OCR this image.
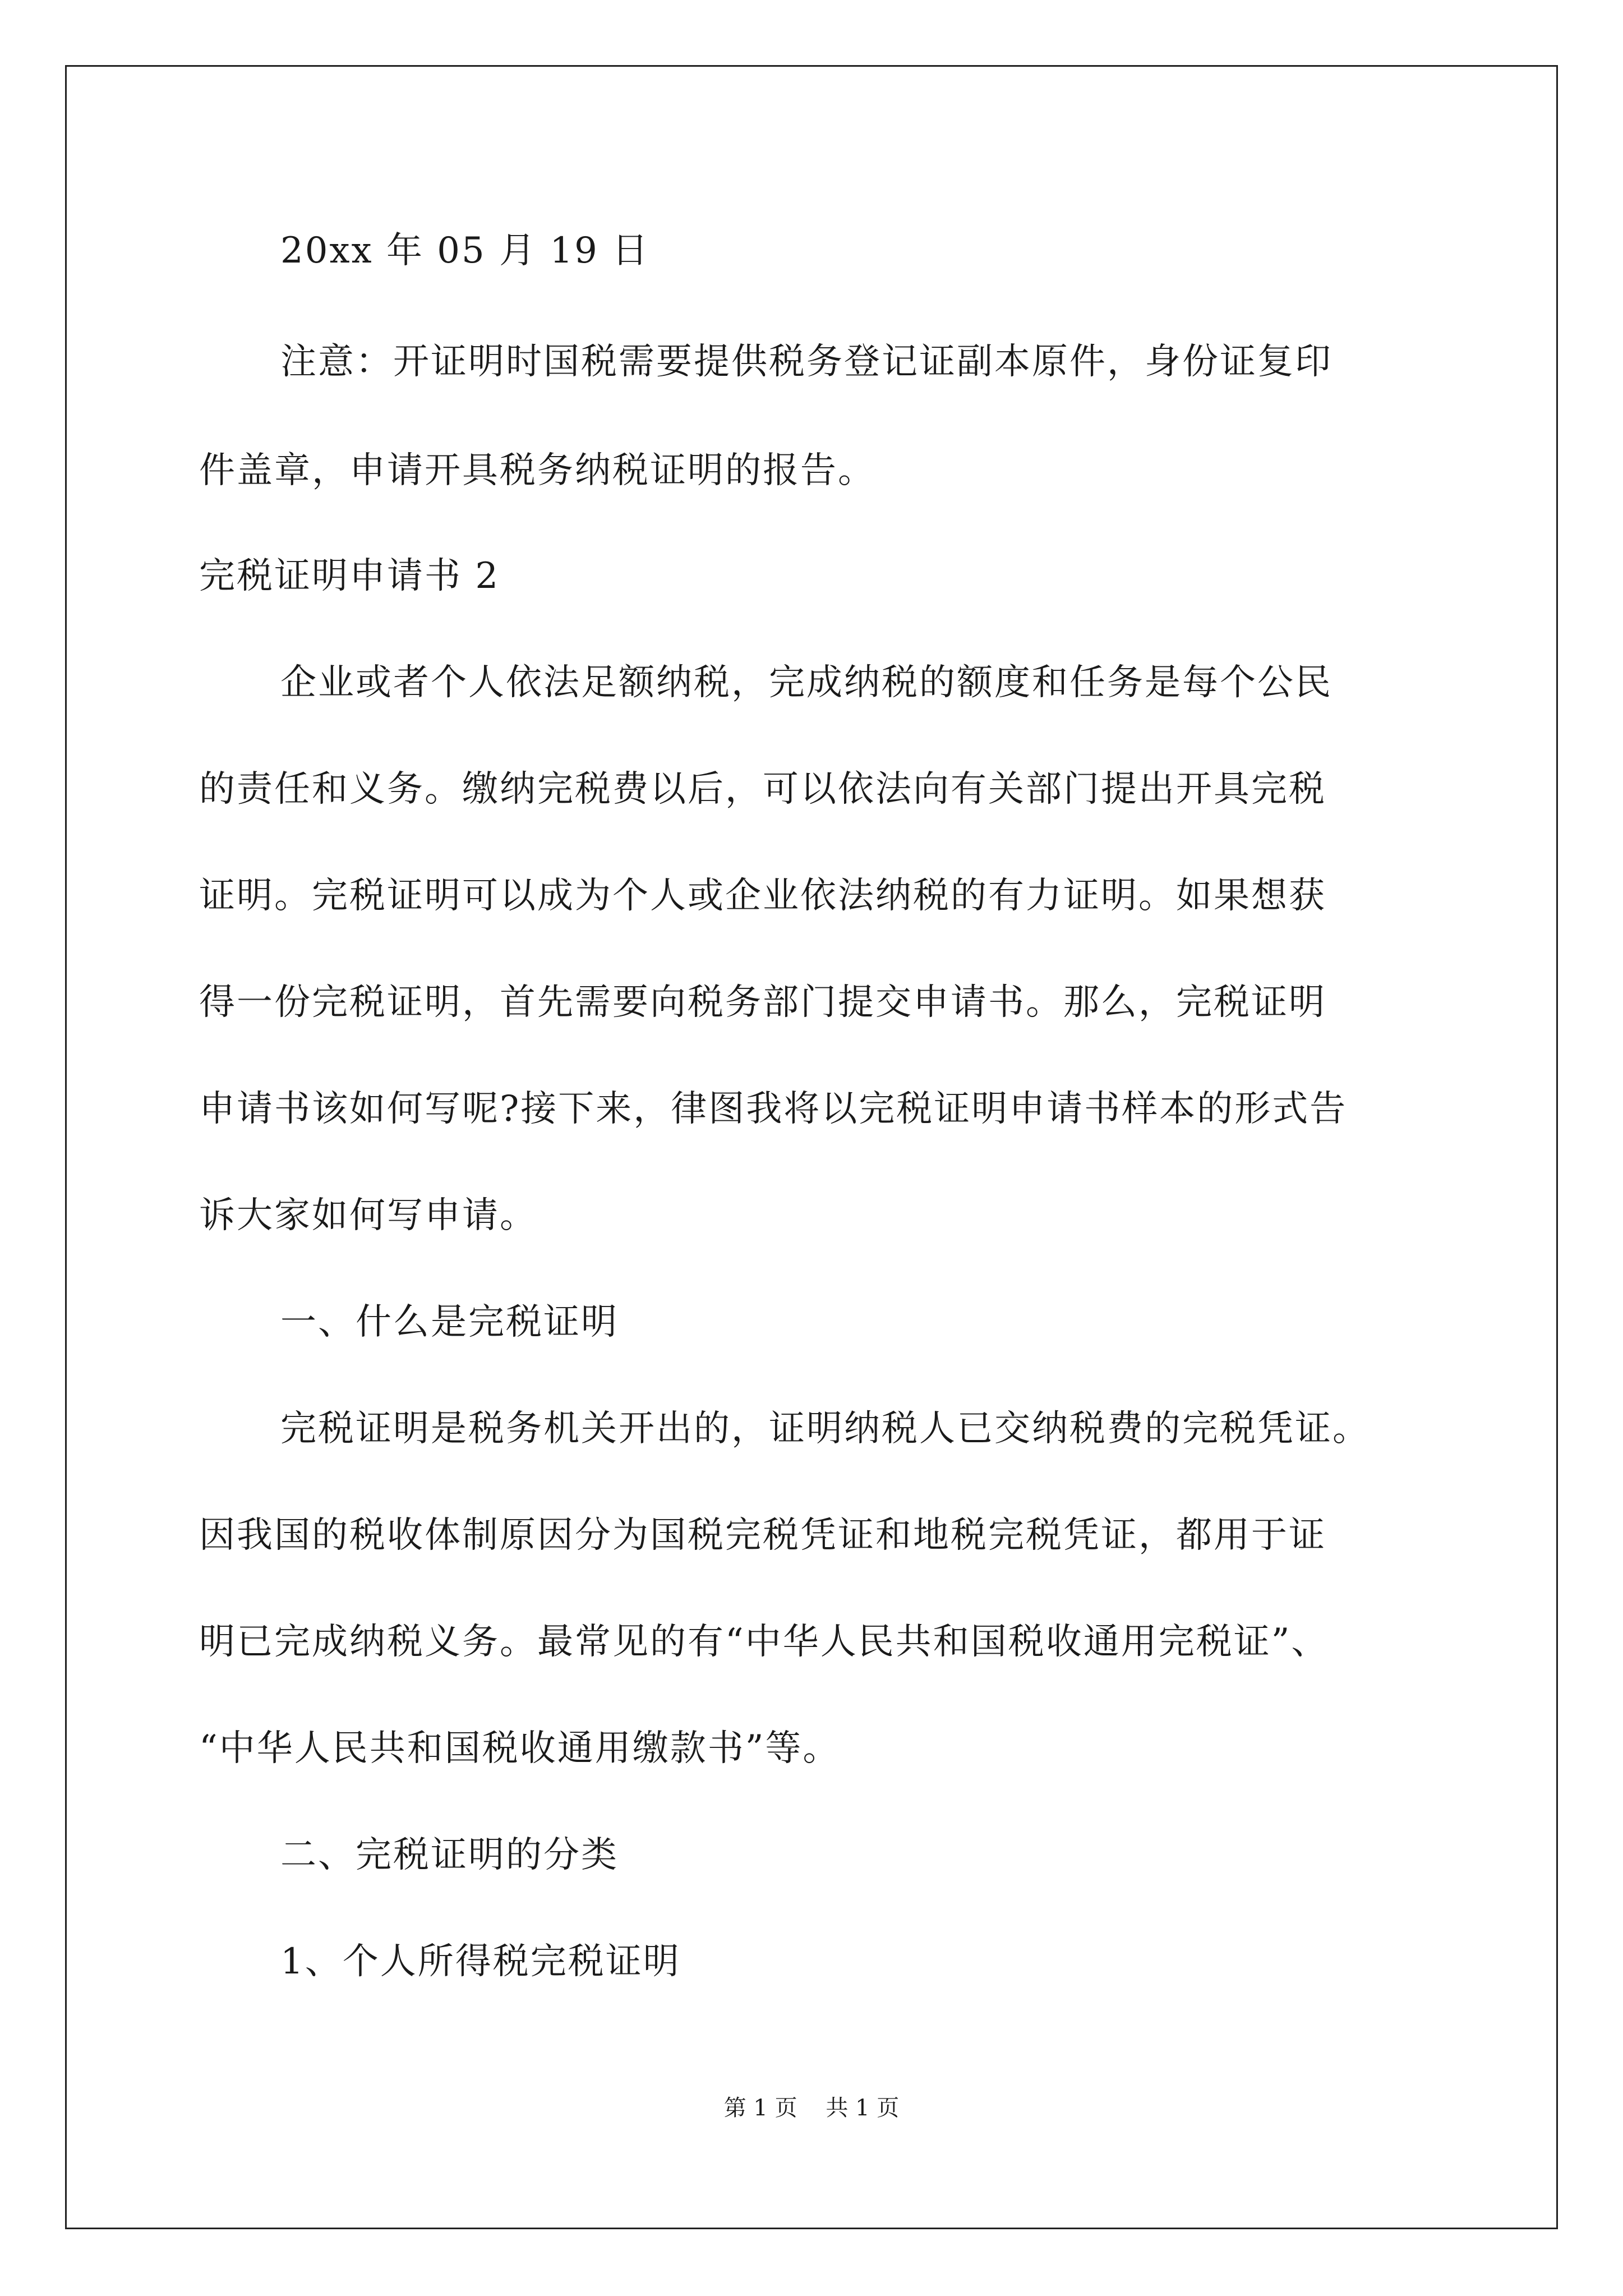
20xx 年 05 月 19 日

注意：开证明时国税需要提供税务登记证副本原件，身份证复印

件盖章，申请开具税务纳税证明的报告。

完税证明申请书 2

企业或者个人依法足额纳税，完成纳税的额度和任务是每个公民

的责任和义务。缴纳完税费以后，可以依法向有关部门提出开具完税

证明。完税证明可以成为个人或企业依法纳税的有力证明。如果想获

得一份完税证明，首先需要向税务部门提交申请书。那么，完税证明

申请书该如何写呢?接下来，律图我将以完税证明申请书样本的形式告

诉大家如何写申请。

一、什么是完税证明

完税证明是税务机关开出的，证明纳税人已交纳税费的完税凭证。

因我国的税收体制原因分为国税完税凭证和地税完税凭证，都用于证

明已完成纳税义务。最常见的有“中华人民共和国税收通用完税证”、

“中华人民共和国税收通用缴款书”等。

二、完税证明的分类

1、个人所得税完税证明

第 1 页    共 1 页
